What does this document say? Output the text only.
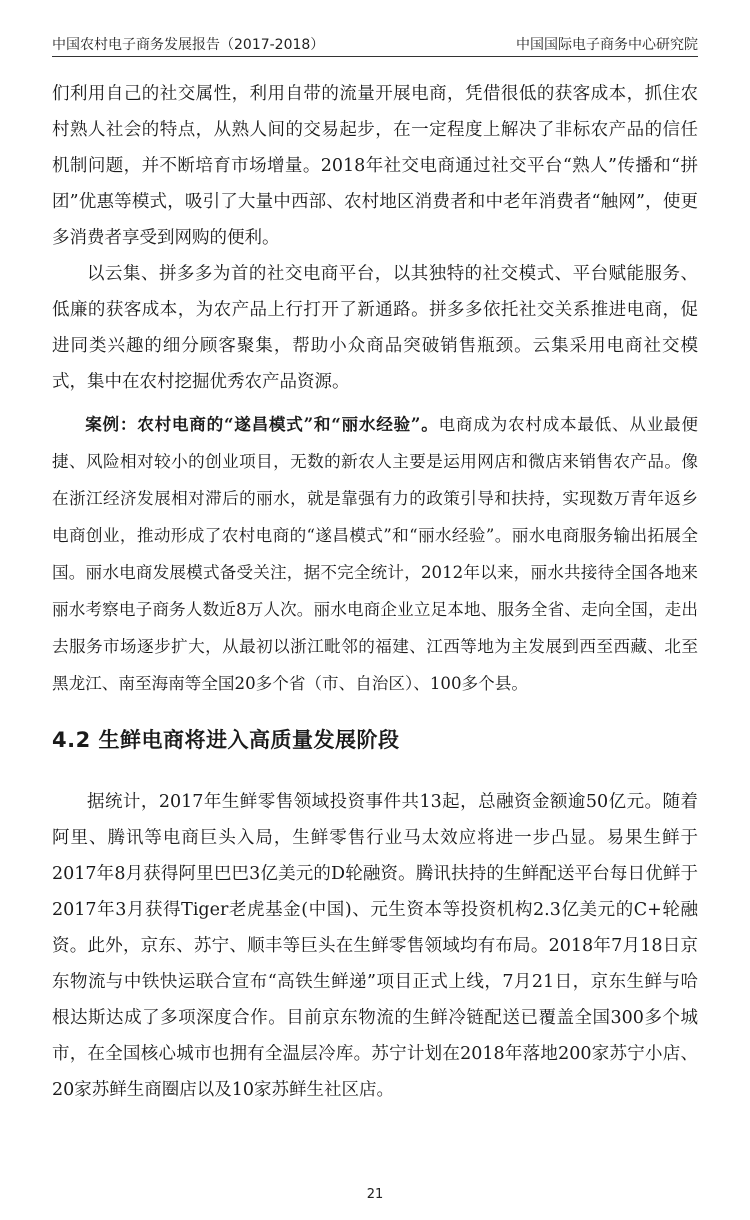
中国农村电子商务发展报告（2017-2018）	中国国际电子商务中心研究院

们利用自己的社交属性，利用自带的流量开展电商，凭借很低的获客成本，抓住农村熟人社会的特点，从熟人间的交易起步，在一定程度上解决了非标农产品的信任机制问题，并不断培育市场增量。2018年社交电商通过社交平台“熟人”传播和“拼团”优惠等模式，吸引了大量中西部、农村地区消费者和中老年消费者“触网”，使更多消费者享受到网购的便利。

以云集、拼多多为首的社交电商平台，以其独特的社交模式、平台赋能服务、低廉的获客成本，为农产品上行打开了新通路。拼多多依托社交关系推进电商，促进同类兴趣的细分顾客聚集，帮助小众商品突破销售瓶颈。云集采用电商社交模式，集中在农村挖掘优秀农产品资源。

案例：农村电商的“遂昌模式”和“丽水经验”。电商成为农村成本最低、从业最便捷、风险相对较小的创业项目，无数的新农人主要是运用网店和微店来销售农产品。像在浙江经济发展相对滞后的丽水，就是靠强有力的政策引导和扶持，实现数万青年返乡电商创业，推动形成了农村电商的“遂昌模式”和“丽水经验”。丽水电商服务输出拓展全国。丽水电商发展模式备受关注，据不完全统计，2012年以来，丽水共接待全国各地来丽水考察电子商务人数近8万人次。丽水电商企业立足本地、服务全省、走向全国，走出去服务市场逐步扩大，从最初以浙江毗邻的福建、江西等地为主发展到西至西藏、北至黑龙江、南至海南等全国20多个省（市、自治区）、100多个县。

4.2 生鲜电商将进入高质量发展阶段

据统计，2017年生鲜零售领域投资事件共13起，总融资金额逾50亿元。随着阿里、腾讯等电商巨头入局，生鲜零售行业马太效应将进一步凸显。易果生鲜于2017年8月获得阿里巴巴3亿美元的D轮融资。腾讯扶持的生鲜配送平台每日优鲜于2017年3月获得Tiger老虎基金(中国)、元生资本等投资机构2.3亿美元的C+轮融资。此外，京东、苏宁、顺丰等巨头在生鲜零售领域均有布局。2018年7月18日京东物流与中铁快运联合宣布“高铁生鲜递”项目正式上线，7月21日，京东生鲜与哈根达斯达成了多项深度合作。目前京东物流的生鲜冷链配送已覆盖全国300多个城市，在全国核心城市也拥有全温层冷库。苏宁计划在2018年落地200家苏宁小店、20家苏鲜生商圈店以及10家苏鲜生社区店。

21
